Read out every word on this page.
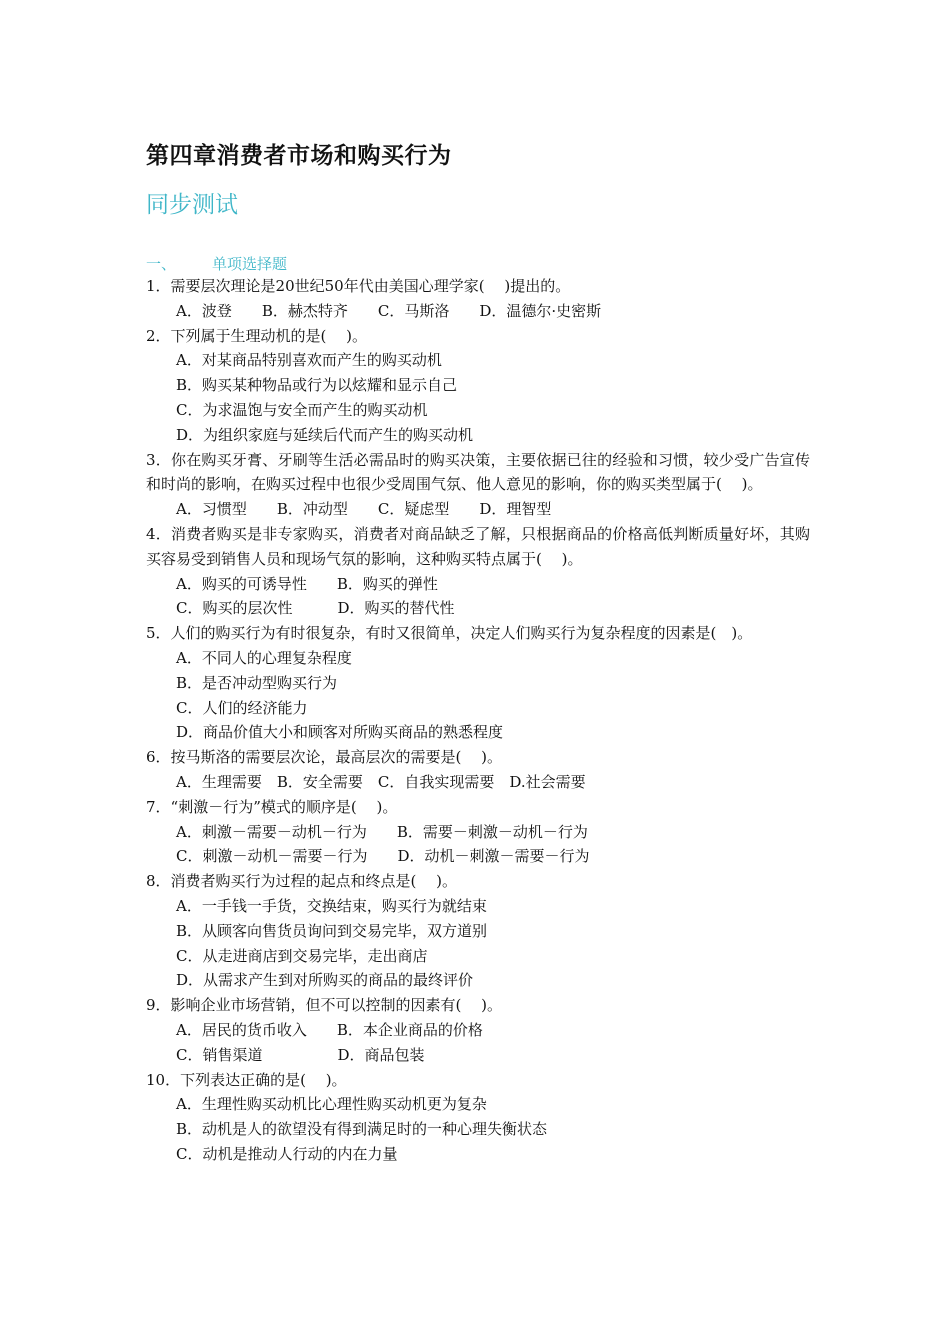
第四章消费者市场和购买行为
同步测试
一、 单项选择题

1．需要层次理论是20世纪50年代由美国心理学家(　 )提出的。

A．波登　　B．赫杰特齐　　C．马斯洛　　D．温德尔·史密斯

2．下列属于生理动机的是(　 )。

A．对某商品特别喜欢而产生的购买动机
B．购买某种物品或行为以炫耀和显示自己
C．为求温饱与安全而产生的购买动机
D．为组织家庭与延续后代而产生的购买动机

3．你在购买牙膏、牙刷等生活必需品时的购买决策，主要依据已往的经验和习惯，较少受广告宣传和时尚的影响，在购买过程中也很少受周围气氛、他人意见的影响，你的购买类型属于(　 )。

A．习惯型　　B．冲动型　　C．疑虑型　　D．理智型

4．消费者购买是非专家购买，消费者对商品缺乏了解，只根据商品的价格高低判断质量好坏，其购买容易受到销售人员和现场气氛的影响，这种购买特点属于(　 )。

A．购买的可诱导性　　B．购买的弹性
C．购买的层次性　　　D．购买的替代性

5．人们的购买行为有时很复杂，有时又很简单，决定人们购买行为复杂程度的因素是(　)。

A．不同人的心理复杂程度
B．是否冲动型购买行为
C．人们的经济能力
D．商品价值大小和顾客对所购买商品的熟悉程度

6．按马斯洛的需要层次论，最高层次的需要是(　 )。

A．生理需要　B．安全需要　C．自我实现需要　D.社会需要

7．“刺激－行为”模式的顺序是(　 )。

A．刺激－需要－动机－行为　　B．需要－刺激－动机－行为
C．刺激－动机－需要－行为　　D．动机－刺激－需要－行为

8．消费者购买行为过程的起点和终点是(　 )。

A．一手钱一手货，交换结束，购买行为就结束
B．从顾客向售货员询问到交易完毕，双方道别
C．从走进商店到交易完毕，走出商店
D．从需求产生到对所购买的商品的最终评价

9．影响企业市场营销，但不可以控制的因素有(　 )。

A．居民的货币收入　　B．本企业商品的价格
C．销售渠道　　　　　D．商品包装

10．下列表达正确的是(　 )。

A．生理性购买动机比心理性购买动机更为复杂
B．动机是人的欲望没有得到满足时的一种心理失衡状态
C．动机是推动人行动的内在力量
